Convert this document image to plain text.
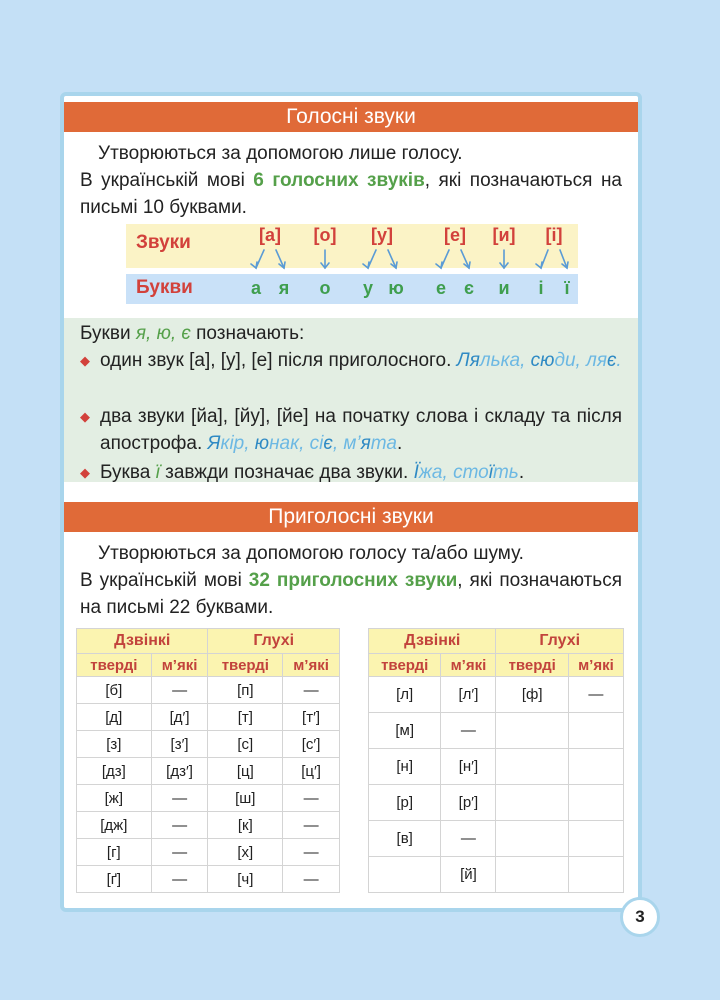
Голосні звуки
Утворюються за допомогою лише голосу.
В українській мові 6 голосних звуків, які позначаються на письмі 10 буквами.
Звуки
Букви
[а] [о] [у]	[е] [и] [і]
а я о у ю е є и і ї
Букви я, ю, є позначають:
◆ один звук [а], [у], [е] після приголосного. Лялька, сюди, ляє.
◆ два звуки [йа], [йу], [йе] на початку слова і складу та після апострофа. Якір, юнак, сіє, м’ята.
◆ Буква ї завжди позначає два звуки. Їжа, стоїть.
Приголосні звуки
Утворюються за допомогою голосу та/або шуму.
В українській мові 32 приголосних звуки, які позначаються на письмі 22 буквами.
Дзвінкі		Глухі	
тверді	м’які	тверді	м’які
[б]	—	[п]	—
[д]	[д′]	[т]	[т′]
[з]	[з′]	[с]	[с′]
[дз]	[дз′]	[ц]	[ц′]
[ж]	—	[ш]	—
[дж]	—	[к]	—
[г]	—	[х]	—
[ґ]	—	[ч]	—
Дзвінкі		Глухі	
тверді	м’які	тверді	м’які
[л]	[л′]	[ф]	—
[м]	—		
[н]	[н′]		
[р]	[р′]		
[в]	—		
	[й]		
3
